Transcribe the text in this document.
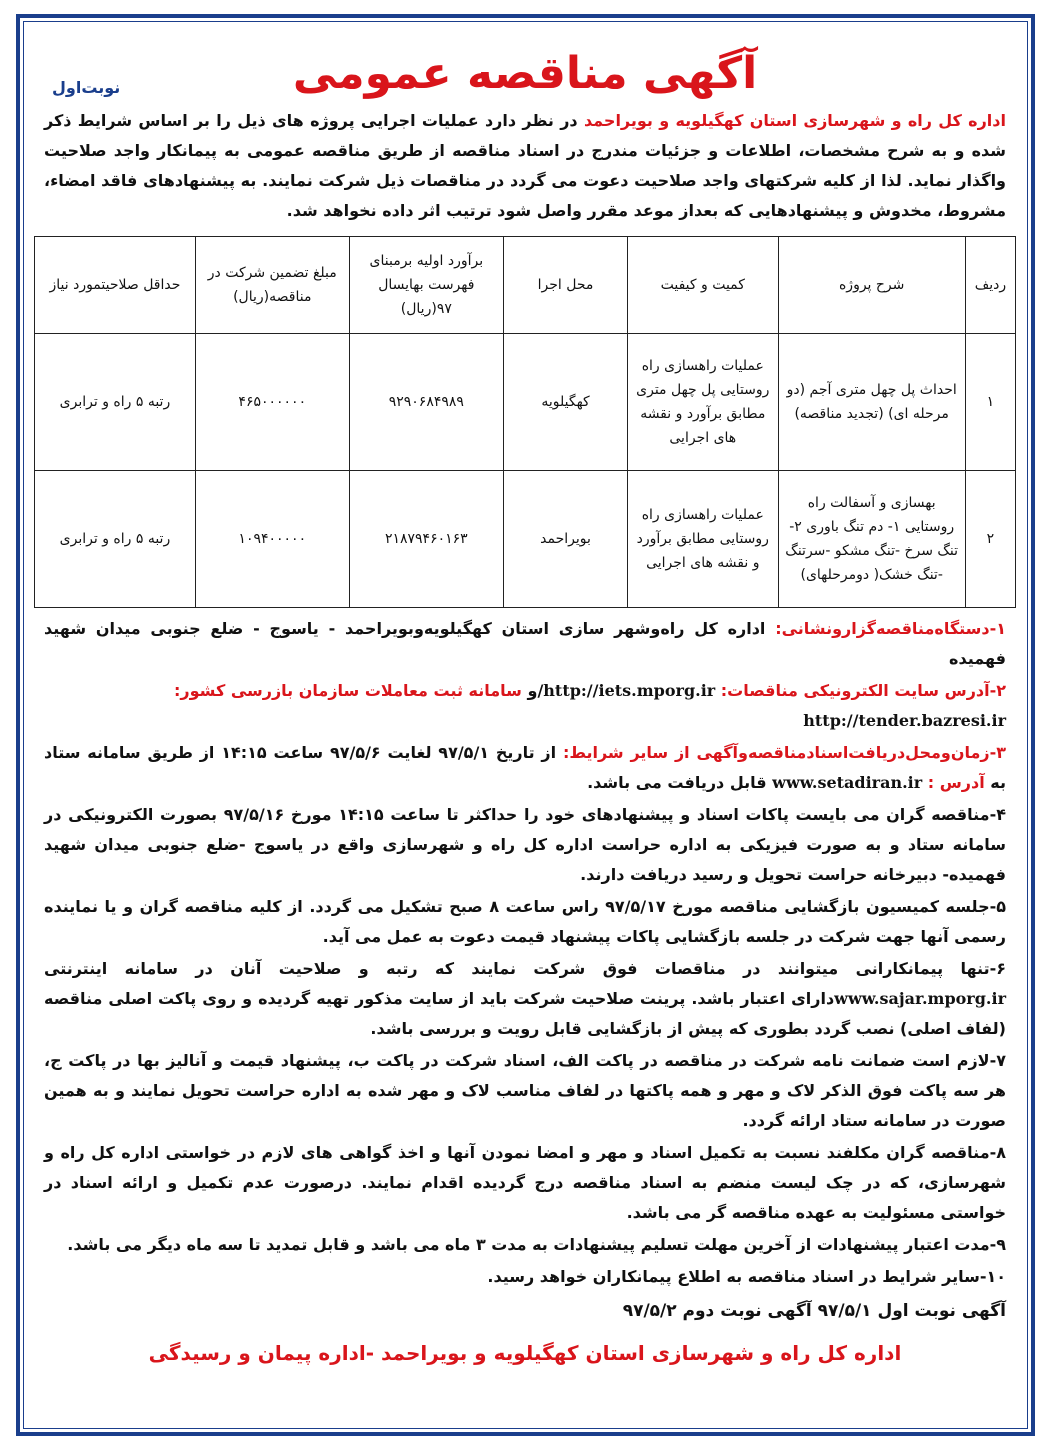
نوبت‌اول	آگهی مناقصه عمومی
اداره کل راه و شهرسازی استان کهگیلویه و بویراحمد در نظر دارد عملیات اجرایی پروژه های ذیل را بر اساس شرایط ذکر شده و به شرح مشخصات، اطلاعات و جزئیات مندرج در اسناد مناقصه از طریق مناقصه عمومی به پیمانکار واجد صلاحیت واگذار نماید. لذا از کلیه شرکتهای واجد صلاحیت دعوت می گردد در مناقصات ذیل شرکت نمایند. به پیشنهادهای فاقد امضاء، مشروط، مخدوش و پیشنهادهایی که بعداز موعد مقرر واصل شود ترتیب اثر داده نخواهد شد.
ردیف	شرح پروژه	کمیت و کیفیت	محل اجرا	برآورد اولیه برمبنای فهرست بهایسال ۹۷(ریال)	مبلغ تضمین شرکت در مناقصه(ریال)	حداقل صلاحیتمورد نیاز
۱	احداث پل چهل متری آجم (دو مرحله ای) (تجدید مناقصه)	عملیات راهسازی راه روستایی پل چهل متری مطابق برآورد و نقشه های اجرایی	کهگیلویه	۹۲۹۰۶۸۴۹۸۹	۴۶۵۰۰۰۰۰۰	رتبه ۵ راه و ترابری
۲	بهسازی و آسفالت راه روستایی ۱- دم تنگ باوری ۲-تنگ سرخ -تنگ مشکو -سرتنگ -تنگ خشک( دومرحلهای)	عملیات راهسازی راه روستایی مطابق برآورد و نقشه های اجرایی	بویراحمد	۲۱۸۷۹۴۶۰۱۶۳	۱۰۹۴۰۰۰۰۰	رتبه ۵ راه و ترابری
۱-دستگاه‌مناقصه‌گزار‌ونشانی: اداره کل راه‌وشهر سازی استان کهگیلویه‌وبویراحمد - یاسوج - ضلع جنوبی میدان شهید فهمیده
۲-آدرس سایت الکترونیکی مناقصات: http://iets.mporg.ir/و سامانه ثبت معاملات سازمان بازرسی کشور:
http://tender.bazresi.ir
۳-زمان‌ومحل‌دریافت‌اسناد‌مناقصه‌و‌آگهی از سایر شرایط: از تاریخ ۹۷/۵/۱ لغایت ۹۷/۵/۶ ساعت ۱۴:۱۵ از طریق سامانه ستاد به آدرس : www.setadiran.ir قابل دریافت می باشد.
۴-مناقصه گران می بایست پاکات اسناد و پیشنهادهای خود را حداکثر تا ساعت ۱۴:۱۵ مورخ ۹۷/۵/۱۶ بصورت الکترونیکی در سامانه ستاد و به صورت فیزیکی به اداره حراست اداره کل راه و شهرسازی واقع در یاسوج -ضلع جنوبی میدان شهید فهمیده- دبیرخانه حراست تحویل و رسید دریافت دارند.
۵-جلسه کمیسیون بازگشایی مناقصه مورخ ۹۷/۵/۱۷ راس ساعت ۸ صبح تشکیل می گردد. از کلیه مناقصه گران و یا نماینده رسمی آنها جهت شرکت در جلسه بازگشایی پاکات پیشنهاد قیمت دعوت به عمل می آید.
۶-تنها پیمانکارانی میتوانند در مناقصات فوق شرکت نمایند که رتبه و صلاحیت آنان در سامانه اینترنتی www.sajar.mporg.irدارای اعتبار باشد. پرینت صلاحیت شرکت باید از سایت مذکور تهیه گردیده و روی پاکت اصلی مناقصه (لفاف اصلی) نصب گردد بطوری که پیش از بازگشایی قابل رویت و بررسی باشد.
۷-لازم است ضمانت نامه شرکت در مناقصه در پاکت الف، اسناد شرکت در پاکت ب، پیشنهاد قیمت و آنالیز بها در پاکت ج، هر سه پاکت فوق الذکر لاک و مهر و همه پاکتها در لفاف مناسب لاک و مهر شده به اداره حراست تحویل نمایند و به همین صورت در سامانه ستاد ارائه گردد.
۸-مناقصه گران مکلفند نسبت به تکمیل اسناد و مهر و امضا نمودن آنها و اخذ گواهی های لازم در خواستی اداره کل راه و شهرسازی، که در چک لیست منضم به اسناد مناقصه درج گردیده اقدام نمایند. درصورت عدم تکمیل و ارائه اسناد در خواستی مسئولیت به عهده مناقصه گر می باشد.
۹-مدت اعتبار پیشنهادات از آخرین مهلت تسلیم پیشنهادات به مدت ۳ ماه می باشد و قابل تمدید تا سه ماه دیگر می باشد.
۱۰-سایر شرایط در اسناد مناقصه به اطلاع پیمانکاران خواهد رسید.
آگهی نوبت اول ۹۷/۵/۱ آگهی نوبت دوم ۹۷/۵/۲
اداره کل راه و شهرسازی استان کهگیلویه و بویراحمد -اداره پیمان و رسیدگی
